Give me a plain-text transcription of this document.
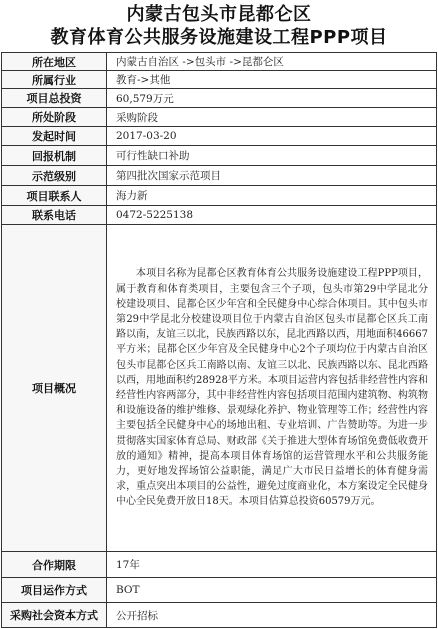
内蒙古包头市昆都仑区
教育体育公共服务设施建设工程PPP项目
所在地区	内蒙古自治区 ->包头市 ->昆都仑区
所属行业	教育->其他
项目总投资	60,579万元
所处阶段	采购阶段
发起时间	2017-03-20
回报机制	可行性缺口补助
示范级别	第四批次国家示范项目
项目联系人	海力新
联系电话	0472-5225138
项目概况	本项目名称为昆都仑区教育体育公共服务设施建设工程PPP项目，属于教育和体育类项目，主要包含三个子项，包头市第29中学昆北分校建设项目、昆都仑区少年宫和全民健身中心综合体项目。其中包头市第29中学昆北分校建设项目位于内蒙古自治区包头市昆都仑区兵工南路以南，友谊三以北，民族西路以东，昆北西路以西，用地面积46667平方米；昆都仑区少年宫及全民健身中心2个子项均位于内蒙古自治区包头市昆都仑区兵工南路以南、友谊三以北、民族西路以东、昆北西路以西，用地面积约28928平方米。本项目运营内容包括非经营性内容和经营性内容两部分，其中非经营性内容包括项目范围内建筑物、构筑物和设施设备的维护维修、景观绿化养护、物业管理等工作；经营性内容主要包括全民健身中心的场地出租、专业培训、广告赞助等。为进一步贯彻落实国家体育总局、财政部《关于推进大型体育场馆免费低收费开放的通知》精神，提高本项目体育场馆的运营管理水平和公共服务能力，更好地发挥场馆公益职能，满足广大市民日益增长的体育健身需求，重点突出本项目的公益性，避免过度商业化，本方案设定全民健身中心全民免费开放日18天。本项目估算总投资60579万元。
合作期限	17年
项目运作方式	BOT
采购社会资本方式	公开招标
